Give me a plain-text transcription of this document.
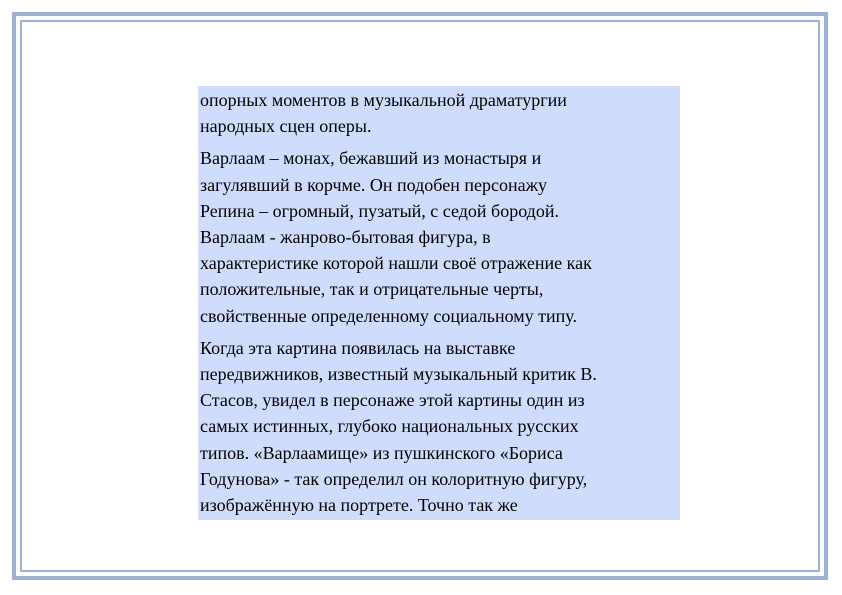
опорных моментов в музыкальной драматургии
народных сцен оперы.

Варлаам – монах, бежавший из монастыря и
загулявший в корчме. Он подобен персонажу
Репина – огромный, пузатый, с седой бородой.
Варлаам - жанрово-бытовая фигура, в
характеристике которой нашли своё отражение как
положительные, так и отрицательные черты,
свойственные определенному социальному типу.

Когда эта картина появилась на выставке
передвижников, известный музыкальный критик В.
Стасов, увидел в персонаже этой картины один из
самых истинных, глубоко национальных русских
типов. «Варлаамище» из пушкинского «Бориса
Годунова» - так определил он колоритную фигуру,
изображённую на портрете. Точно так же
